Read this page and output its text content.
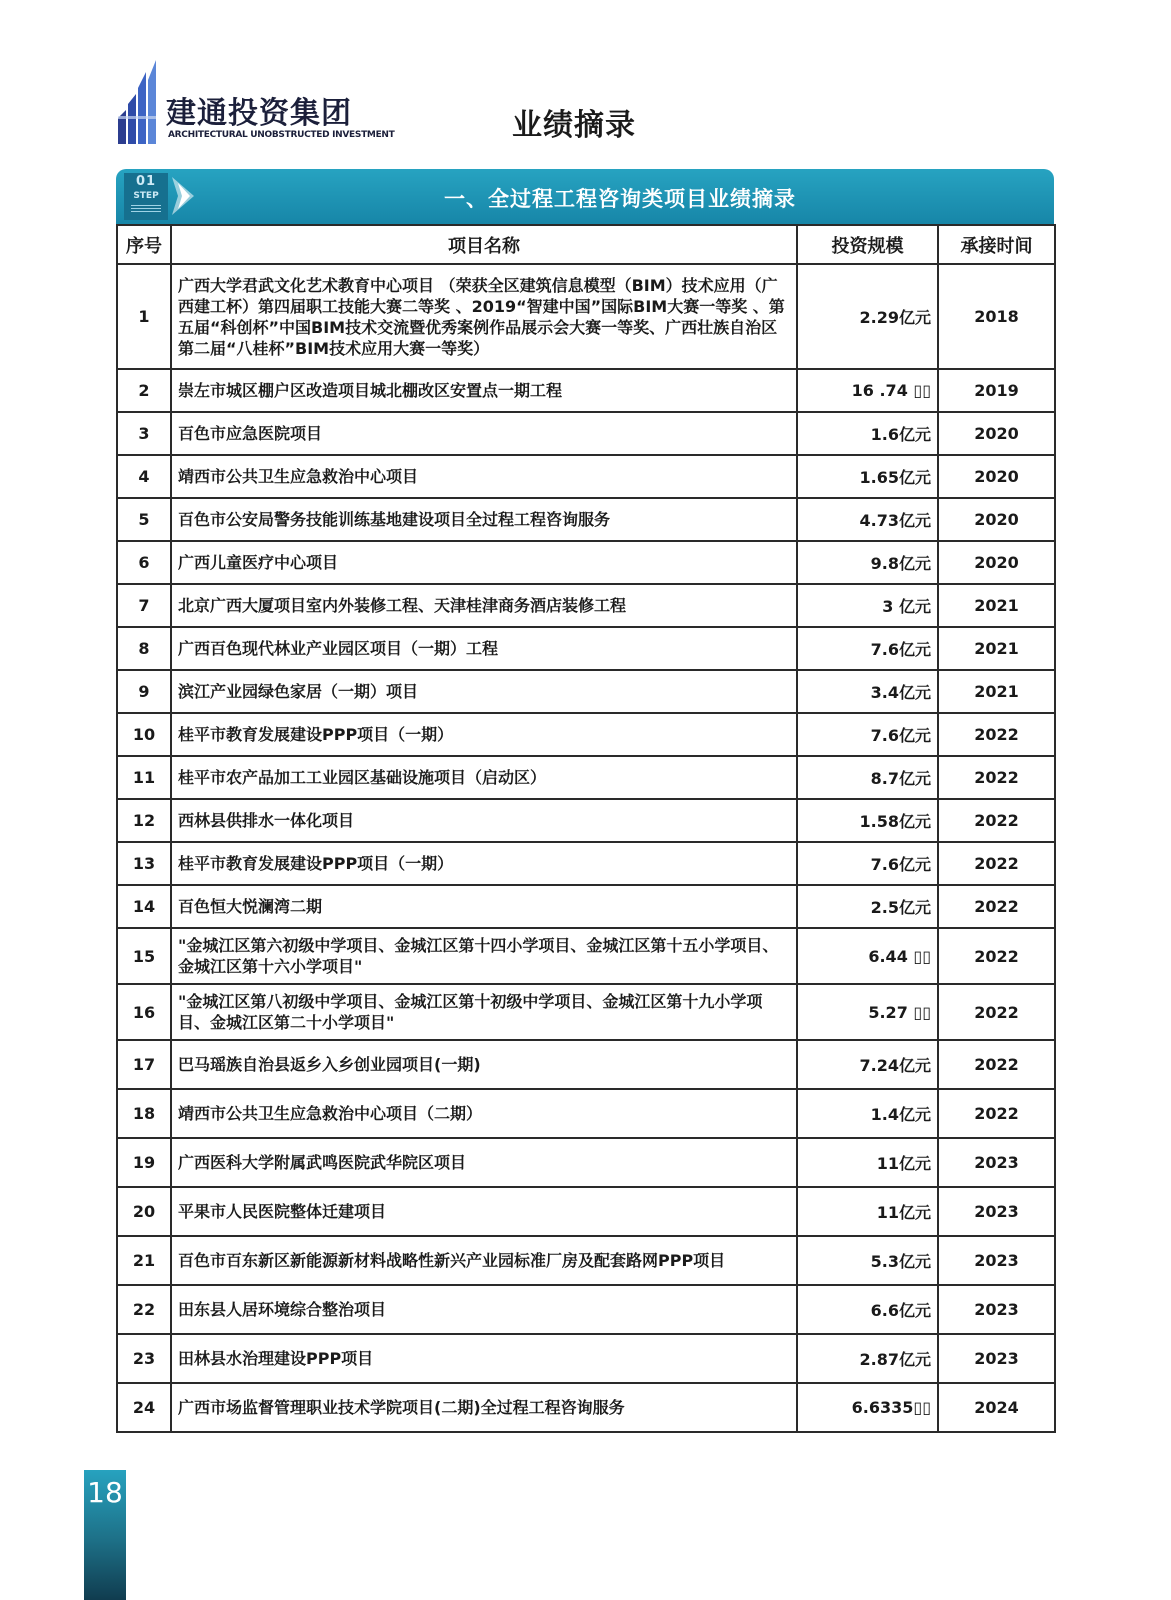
建通投资集团
ARCHITECTURAL UNOBSTRUCTED INVESTMENT	业绩摘录
01
STEP	一、全过程工程咨询类项目业绩摘录
序号	项目名称	投资规模	承接时间
1	广西大学君武文化艺术教育中心项目 （荣获全区建筑信息模型（BIM）技术应用（广西建工杯）第四届职工技能大赛二等奖 、2019“智建中国”国际BIM大赛一等奖 、第五届“科创杯”中国BIM技术交流暨优秀案例作品展示会大赛一等奖、广西壮族自治区第二届“八桂杯”BIM技术应用大赛一等奖）	2.29亿元	2018
2	崇左市城区棚户区改造项目城北棚改区安置点一期工程	16 .74 ▯▯	2019
3	百色市应急医院项目	1.6亿元	2020
4	靖西市公共卫生应急救治中心项目	1.65亿元	2020
5	百色市公安局警务技能训练基地建设项目全过程工程咨询服务	4.73亿元	2020
6	广西儿童医疗中心项目	9.8亿元	2020
7	北京广西大厦项目室内外装修工程、天津桂津商务酒店装修工程	3 亿元	2021
8	广西百色现代林业产业园区项目（一期）工程	7.6亿元	2021
9	滨江产业园绿色家居（一期）项目	3.4亿元	2021
10	桂平市教育发展建设PPP项目（一期）	7.6亿元	2022
11	桂平市农产品加工工业园区基础设施项目（启动区）	8.7亿元	2022
12	西林县供排水一体化项目	1.58亿元	2022
13	桂平市教育发展建设PPP项目（一期）	7.6亿元	2022
14	百色恒大悦澜湾二期	2.5亿元	2022
15	"金城江区第六初级中学项目、金城江区第十四小学项目、金城江区第十五小学项目、金城江区第十六小学项目"	6.44 ▯▯	2022
16	"金城江区第八初级中学项目、金城江区第十初级中学项目、金城江区第十九小学项目、金城江区第二十小学项目"	5.27 ▯▯	2022
17	巴马瑶族自治县返乡入乡创业园项目(一期)	7.24亿元	2022
18	靖西市公共卫生应急救治中心项目（二期）	1.4亿元	2022
19	广西医科大学附属武鸣医院武华院区项目	11亿元	2023
20	平果市人民医院整体迁建项目	11亿元	2023
21	百色市百东新区新能源新材料战略性新兴产业园标准厂房及配套路网PPP项目	5.3亿元	2023
22	田东县人居环境综合整治项目	6.6亿元	2023
23	田林县水治理建设PPP项目	2.87亿元	2023
24	广西市场监督管理职业技术学院项目(二期)全过程工程咨询服务	6.6335▯▯	2024
18
